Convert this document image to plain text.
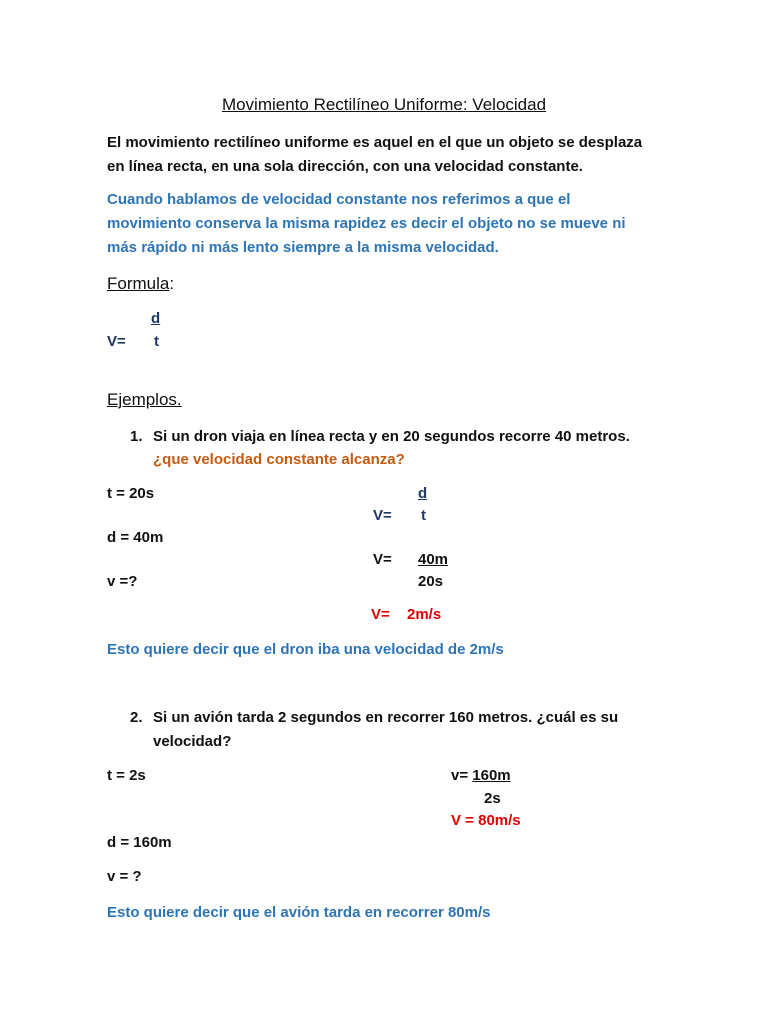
Movimiento Rectilíneo Uniforme: Velocidad
El movimiento rectilíneo uniforme es aquel en el que un objeto se desplaza
en línea recta, en una sola dirección, con una velocidad constante.
Cuando hablamos de velocidad constante nos referimos a que el
movimiento conserva la misma rapidez es decir el objeto no se mueve ni
más rápido ni más lento siempre a la misma velocidad.
Formula:
d
V= t
Ejemplos.
1. Si un dron viaja en línea recta y en 20 segundos recorre 40 metros.
¿que velocidad constante alcanza?
t = 20s
d = 40m
v =?
d
V= t
V= 40m
20s
V= 2m/s
Esto quiere decir que el dron iba una velocidad de 2m/s
2. Si un avión tarda 2 segundos en recorrer 160 metros. ¿cuál es su
velocidad?
t = 2s	v= 160m
2s
V = 80m/s
d = 160m
v = ?
Esto quiere decir que el avión tarda en recorrer 80m/s
